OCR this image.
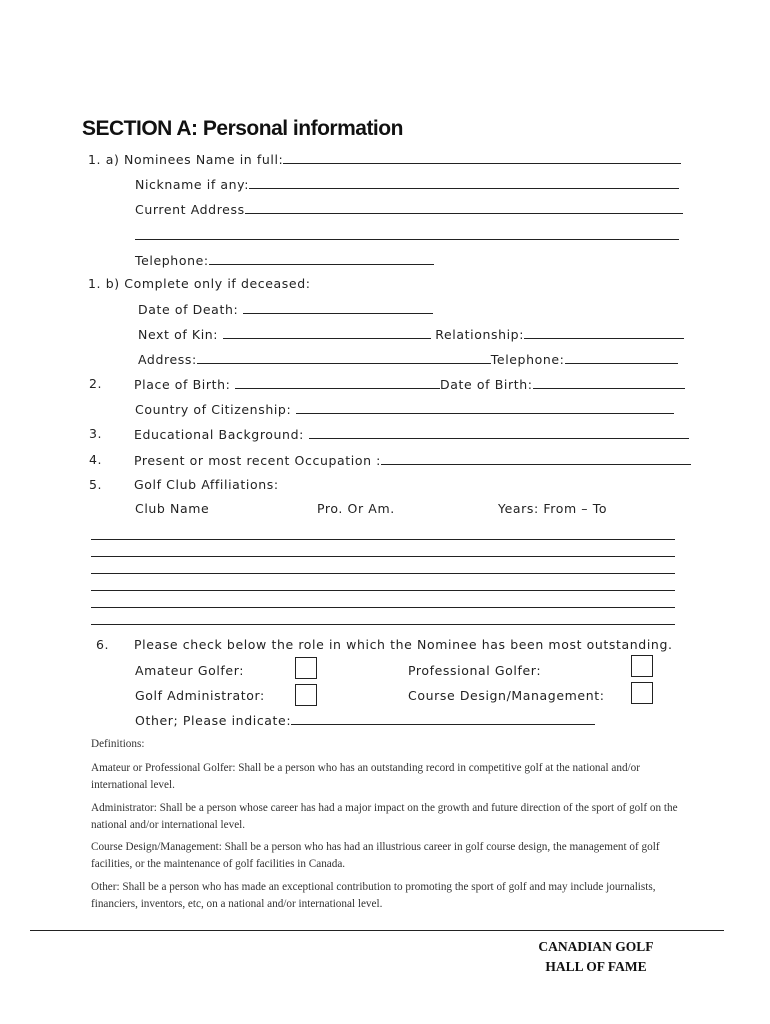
SECTION A: Personal information
1. a) Nominees Name in full:
Nickname if any:
Current Address
Telephone:
1. b) Complete only if deceased:
Date of Death:
Next of Kin:	Relationship:
Address:	Telephone:
2.	Place of Birth:	Date of Birth:
Country of Citizenship:
3.	Educational Background:
4.	Present or most recent Occupation :
5.	Golf Club Affiliations:
Club Name	Pro. Or Am.	Years: From – To
6. Please check below the role in which the Nominee has been most outstanding.
Amateur Golfer:	Professional Golfer:
Golf Administrator:	Course Design/Management:
Other; Please indicate:
Definitions:
Amateur or Professional Golfer: Shall be a person who has an outstanding record in competitive golf at the national and/or international level.
Administrator: Shall be a person whose career has had a major impact on the growth and future direction of the sport of golf on the national and/or international level.
Course Design/Management: Shall be a person who has had an illustrious career in golf course design, the management of golf facilities, or the maintenance of golf facilities in Canada.
Other: Shall be a person who has made an exceptional contribution to promoting the sport of golf and may include journalists, financiers, inventors, etc, on a national and/or international level.
CANADIAN GOLF
HALL OF FAME
